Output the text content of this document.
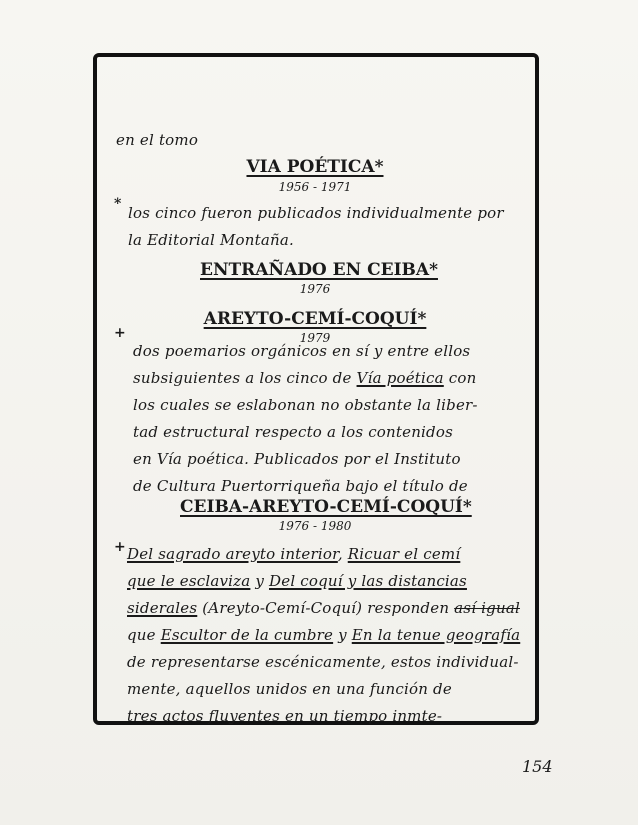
en el tomo
VIA POÉTICA*
1956 - 1971
* los cinco fueron publicados individualmente por
la Editorial Montaña.
ENTRAÑADO EN CEIBA*
1976
AREYTO-CEMÍ-COQUÍ*
1979
+
dos poemarios orgánicos en sí y entre ellos
subsiguientes a los cinco de Vía poética con
los cuales se eslabonan no obstante la liber-
tad estructural respecto a los contenidos
en Vía poética. Publicados por el Instituto
de Cultura Puertorriqueña bajo el título de
CEIBA-AREYTO-CEMÍ-COQUÍ*
1976 - 1980
+ Del sagrado areyto interior, Ricuar el cemí
que le esclaviza y Del coquí y las distancias
siderales (Areyto-Cemí-Coquí) responden así igual
que Escultor de la cumbre y En la tenue geografía
de representarse escénicamente, estos individual-
mente, aquellos unidos en una función de
tres actos fluyentes en un tiempo inmte-
154
